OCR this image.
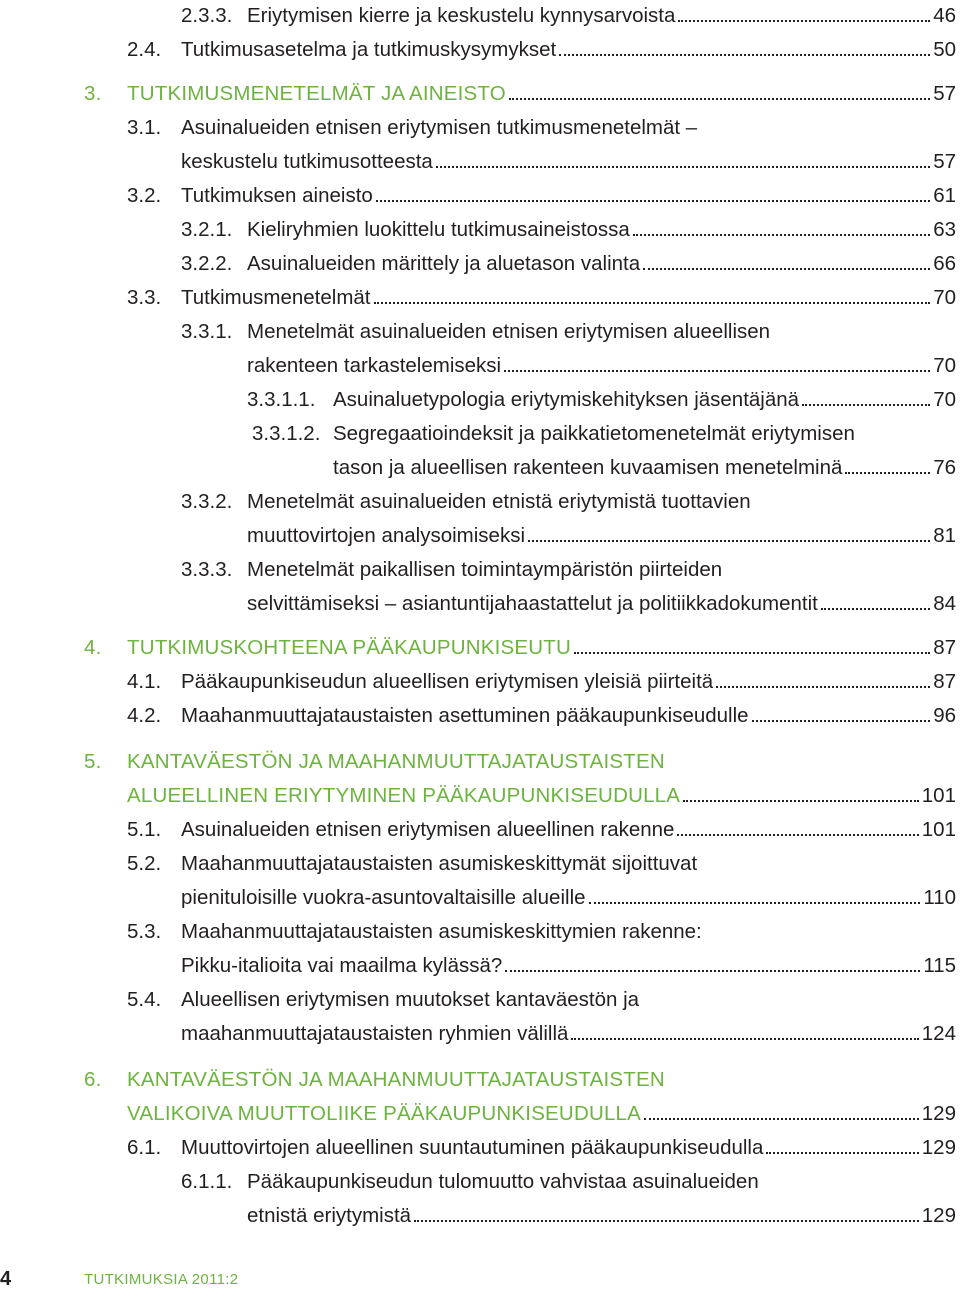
2.3.3. Eriytymisen kierre ja keskustelu kynnysarvoista	46
2.4. Tutkimusasetelma ja tutkimuskysymykset	50
3. TUTKIMUSMENETELMÄT JA AINEISTO	57
3.1. Asuinalueiden etnisen eriytymisen tutkimusmenetelmät –
keskustelu tutkimusotteesta	57
3.2. Tutkimuksen aineisto	61
3.2.1. Kieliryhmien luokittelu tutkimusaineistossa	63
3.2.2. Asuinalueiden märittely ja aluetason valinta	66
3.3. Tutkimusmenetelmät	70
3.3.1. Menetelmät asuinalueiden etnisen eriytymisen alueellisen
rakenteen tarkastelemiseksi	70
3.3.1.1. Asuinaluetypologia eriytymiskehityksen jäsentäjänä	70
3.3.1.2. Segregaatioindeksit ja paikkatietomenetelmät eriytymisen
tason ja alueellisen rakenteen kuvaamisen menetelminä	76
3.3.2. Menetelmät asuinalueiden etnistä eriytymistä tuottavien
muuttovirtojen analysoimiseksi	81
3.3.3. Menetelmät paikallisen toimintaympäristön piirteiden
selvittämiseksi – asiantuntijahaastattelut ja politiikkadokumentit	84
4. TUTKIMUSKOHTEENA PÄÄKAUPUNKISEUTU	87
4.1. Pääkaupunkiseudun alueellisen eriytymisen yleisiä piirteitä	87
4.2. Maahanmuuttajataustaisten asettuminen pääkaupunkiseudulle	96
5. KANTAVÄESTÖN JA MAAHANMUUTTAJATAUSTAISTEN
ALUEELLINEN ERIYTYMINEN PÄÄKAUPUNKISEUDULLA	101
5.1. Asuinalueiden etnisen eriytymisen alueellinen rakenne	101
5.2. Maahanmuuttajataustaisten asumiskeskittymät sijoittuvat
pienituloisille vuokra-asuntovaltaisille alueille	110
5.3. Maahanmuuttajataustaisten asumiskeskittymien rakenne:
Pikku-italioita vai maailma kylässä?	115
5.4. Alueellisen eriytymisen muutokset kantaväestön ja
maahanmuuttajataustaisten ryhmien välillä	124
6. KANTAVÄESTÖN JA MAAHANMUUTTAJATAUSTAISTEN
VALIKOIVA MUUTTOLIIKE PÄÄKAUPUNKISEUDULLA	129
6.1. Muuttovirtojen alueellinen suuntautuminen pääkaupunkiseudulla	129
6.1.1. Pääkaupunkiseudun tulomuutto vahvistaa asuinalueiden
etnistä eriytymistä	129
4	TUTKIMUKSIA 2011:2
